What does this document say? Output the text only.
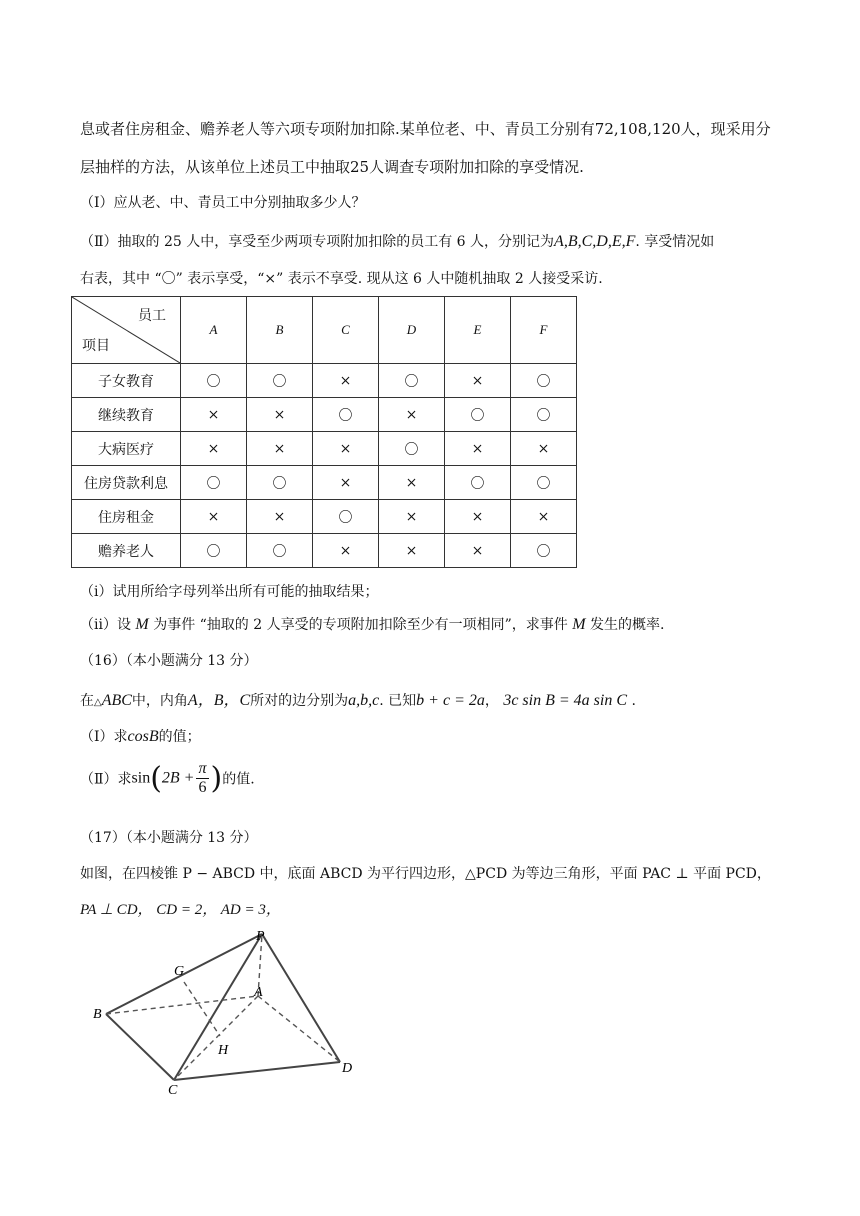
息或者住房租金、赡养老人等六项专项附加扣除.某单位老、中、青员工分别有72,108,120人，现采用分
层抽样的方法，从该单位上述员工中抽取25人调查专项附加扣除的享受情况.
（Ⅰ）应从老、中、青员工中分别抽取多少人？
（Ⅱ）抽取的 25 人中，享受至少两项专项附加扣除的员工有 6 人，分别记为A,B,C,D,E,F. 享受情况如
右表，其中 “〇” 表示享受，“×” 表示不享受. 现从这 6 人中随机抽取 2 人接受采访.
员工
项目	A	B	C	D	E	F
子女教育	〇	〇	×	〇	×	〇
继续教育	×	×	〇	×	〇	〇
大病医疗	×	×	×	〇	×	×
住房贷款利息	〇	〇	×	×	〇	〇
住房租金	×	×	〇	×	×	×
赡养老人	〇	〇	×	×	×	〇
（i）试用所给字母列举出所有可能的抽取结果；
（ii）设 M 为事件 “抽取的 2 人享受的专项附加扣除至少有一项相同”，求事件 M 发生的概率.
（16）（本小题满分 13 分）
在△ABC中，内角A，B，C所对的边分别为a,b,c. 已知b + c = 2a， 3c sin B = 4a sin C .
（Ⅰ）求cosB的值；
（Ⅱ）求$\sin(2B + \frac{\pi}{6}$ )的值.
（17）（本小题满分 13 分）
如图，在四棱锥 P − ABCD 中，底面 ABCD 为平行四边形，△PCD 为等边三角形，平面 PAC ⊥ 平面 PCD，
PA ⊥ CD， CD = 2， AD = 3，
P
G
A
B
H
C
D
